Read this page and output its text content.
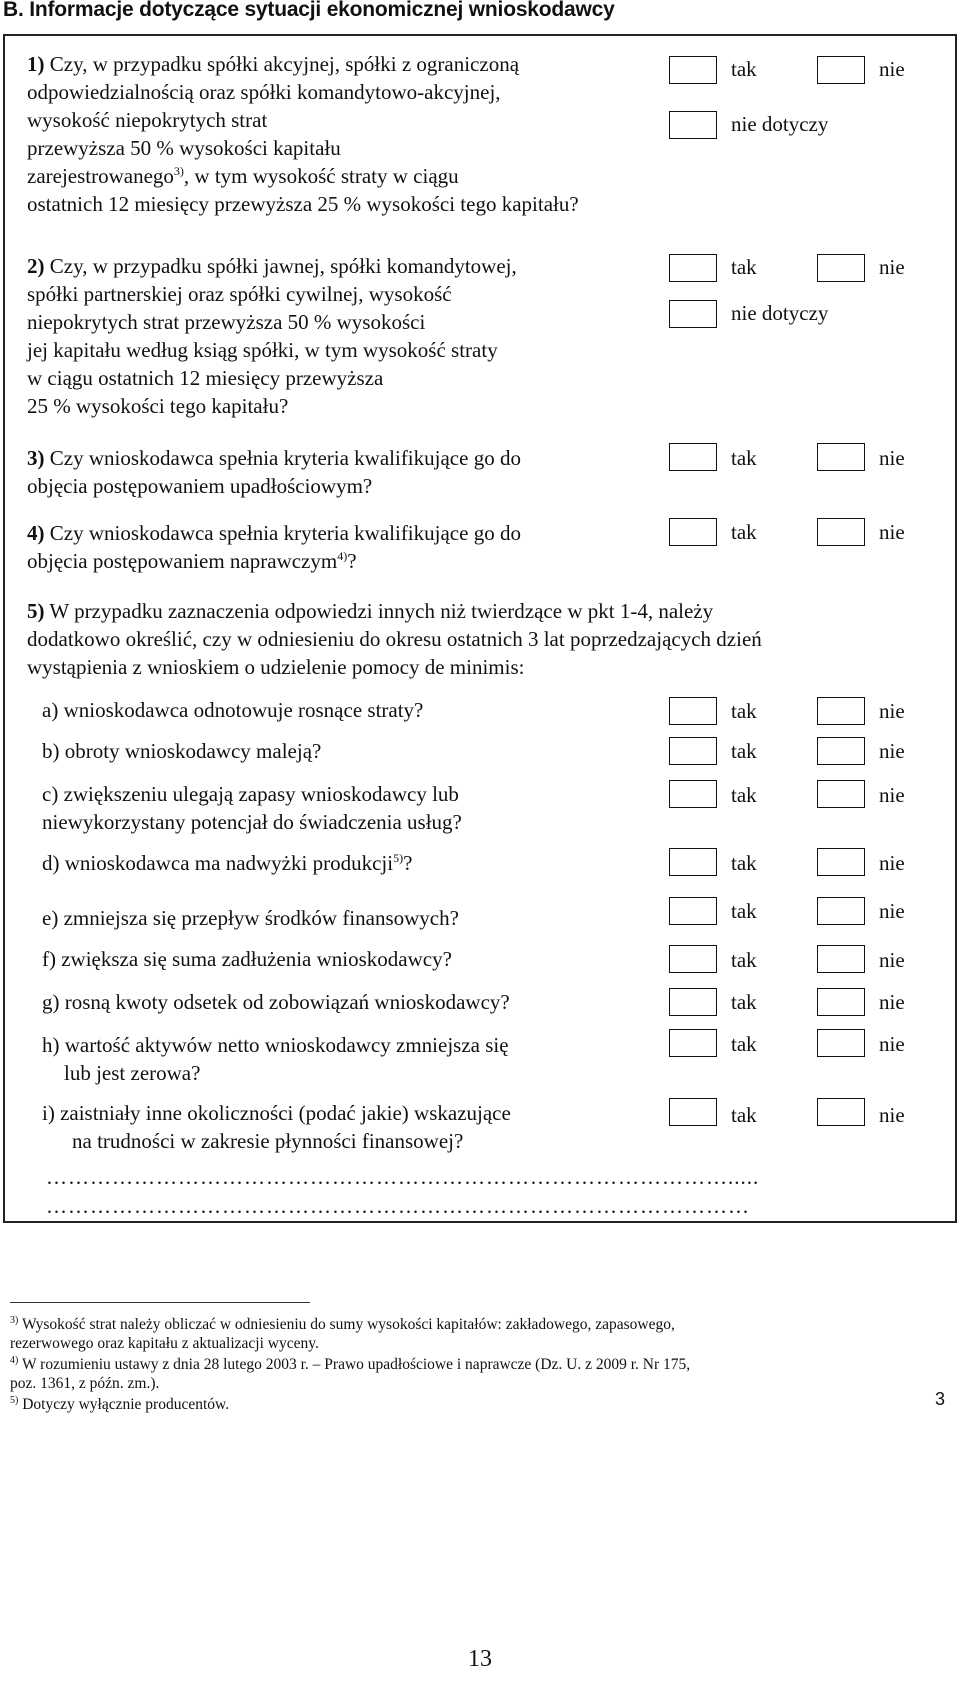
B. Informacje dotyczące sytuacji ekonomicznej wnioskodawcy
1) Czy, w przypadku spółki akcyjnej, spółki z ograniczoną
odpowiedzialnością oraz spółki komandytowo-akcyjnej,
wysokość niepokrytych strat
przewyższa 50 % wysokości kapitału
zarejestrowanego$^{3)}$, w tym wysokość straty w ciągu
ostatnich 12 miesięcy przewyższa 25 % wysokości tego kapitału?
tak	nie
nie dotyczy
2) Czy, w przypadku spółki jawnej, spółki komandytowej,
spółki partnerskiej oraz spółki cywilnej, wysokość
niepokrytych strat przewyższa 50 % wysokości
jej kapitału według ksiąg spółki, w tym wysokość straty
w ciągu ostatnich 12 miesięcy przewyższa
25 % wysokości tego kapitału?
tak	nie
nie dotyczy
3) Czy wnioskodawca spełnia kryteria kwalifikujące go do
objęcia postępowaniem upadłościowym?
tak	nie
4) Czy wnioskodawca spełnia kryteria kwalifikujące go do
objęcia postępowaniem naprawczym$^{4)}$?
tak	nie
5) W przypadku zaznaczenia odpowiedzi innych niż twierdzące w pkt 1-4, należy
dodatkowo określić, czy w odniesieniu do okresu ostatnich 3 lat poprzedzających dzień
wystąpienia z wnioskiem o udzielenie pomocy de minimis:
a) wnioskodawca odnotowuje rosnące straty?	tak	nie
b) obroty wnioskodawcy maleją?	tak	nie
c) zwiększeniu ulegają zapasy wnioskodawcy lub
niewykorzystany potencjał do świadczenia usług?
tak	nie
d) wnioskodawca ma nadwyżki produkcji$^{5)}$?	tak	nie
e) zmniejsza się przepływ środków finansowych?	tak	nie
f) zwiększa się suma zadłużenia wnioskodawcy?	tak	nie
g) rosną kwoty odsetek od zobowiązań wnioskodawcy?	tak	nie
h) wartość aktywów netto wnioskodawcy zmniejsza się
lub jest zerowa?
tak	nie
i) zaistniały inne okoliczności (podać jakie) wskazujące
na trudności w zakresie płynności finansowej?
tak	nie
………………………………………………………………………………….....
……………………………………………………………………………………
$^{3)}$ Wysokość strat należy obliczać w odniesieniu do sumy wysokości kapitałów: zakładowego, zapasowego,
rezerwowego oraz kapitału z aktualizacji wyceny.
$^{4)}$ W rozumieniu ustawy z dnia 28 lutego 2003 r. – Prawo upadłościowe i naprawcze (Dz. U. z 2009 r. Nr 175,
poz. 1361, z późn. zm.).
$^{5)}$ Dotyczy wyłącznie producentów.	3
13
